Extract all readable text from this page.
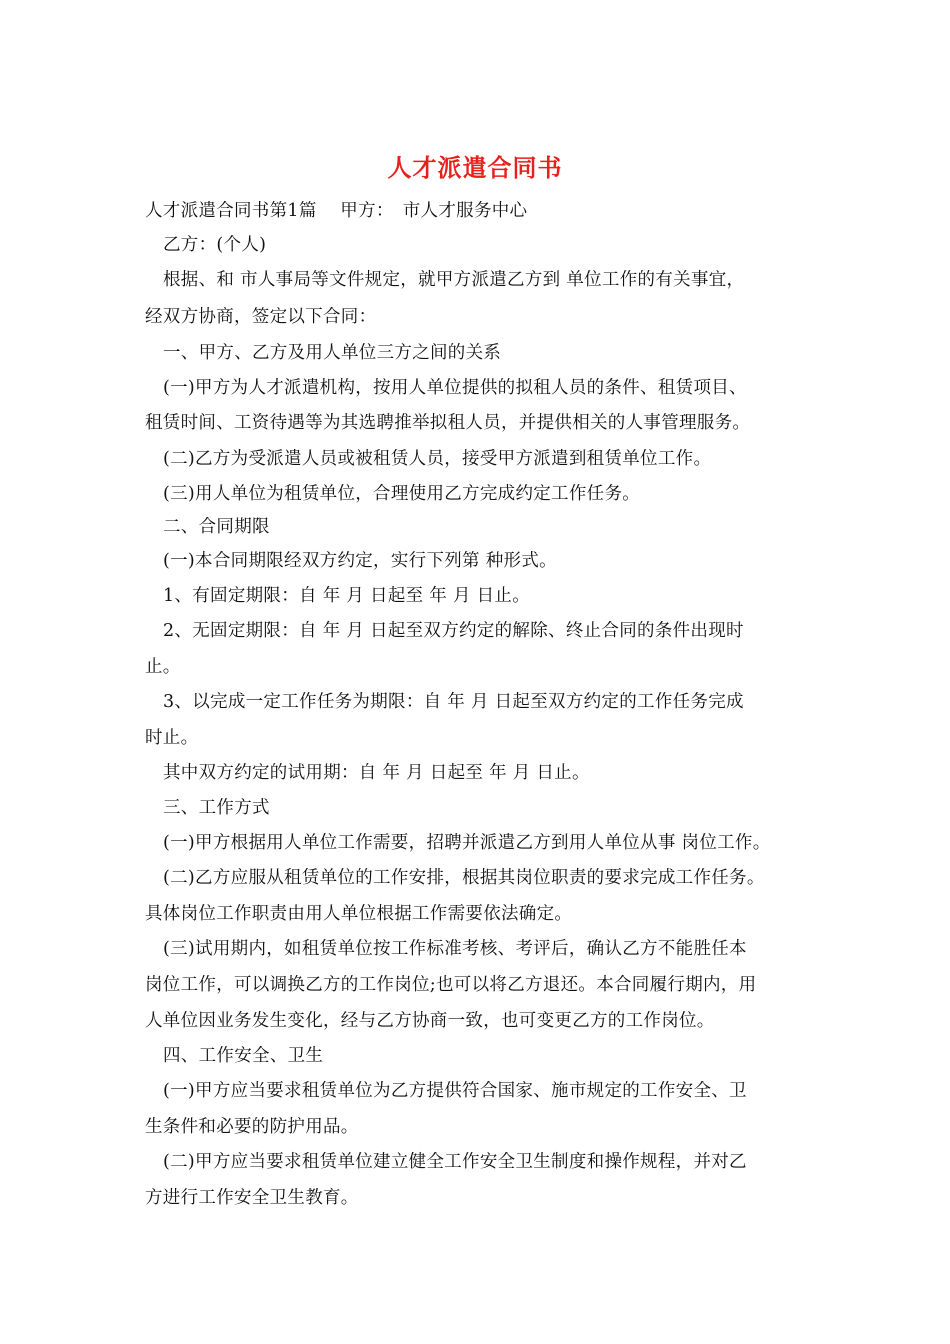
人才派遣合同书
人才派遣合同书第1篇　 甲方：　市人才服务中心
乙方：(个人)
根据、和 市人事局等文件规定，就甲方派遣乙方到 单位工作的有关事宜，
经双方协商，签定以下合同：
一、甲方、乙方及用人单位三方之间的关系
(一)甲方为人才派遣机构，按用人单位提供的拟租人员的条件、租赁项目、
租赁时间、工资待遇等为其选聘推举拟租人员，并提供相关的人事管理服务。
(二)乙方为受派遣人员或被租赁人员，接受甲方派遣到租赁单位工作。
(三)用人单位为租赁单位，合理使用乙方完成约定工作任务。
二、合同期限
(一)本合同期限经双方约定，实行下列第 种形式。
1、有固定期限：自 年 月 日起至 年 月 日止。
2、无固定期限：自 年 月 日起至双方约定的解除、终止合同的条件出现时
止。
3、以完成一定工作任务为期限：自 年 月 日起至双方约定的工作任务完成
时止。
其中双方约定的试用期：自 年 月 日起至 年 月 日止。
三、工作方式
(一)甲方根据用人单位工作需要，招聘并派遣乙方到用人单位从事 岗位工作。
(二)乙方应服从租赁单位的工作安排，根据其岗位职责的要求完成工作任务。
具体岗位工作职责由用人单位根据工作需要依法确定。
(三)试用期内，如租赁单位按工作标准考核、考评后，确认乙方不能胜任本
岗位工作，可以调换乙方的工作岗位;也可以将乙方退还。本合同履行期内，用
人单位因业务发生变化，经与乙方协商一致，也可变更乙方的工作岗位。
四、工作安全、卫生
(一)甲方应当要求租赁单位为乙方提供符合国家、施市规定的工作安全、卫
生条件和必要的防护用品。
(二)甲方应当要求租赁单位建立健全工作安全卫生制度和操作规程，并对乙
方进行工作安全卫生教育。
